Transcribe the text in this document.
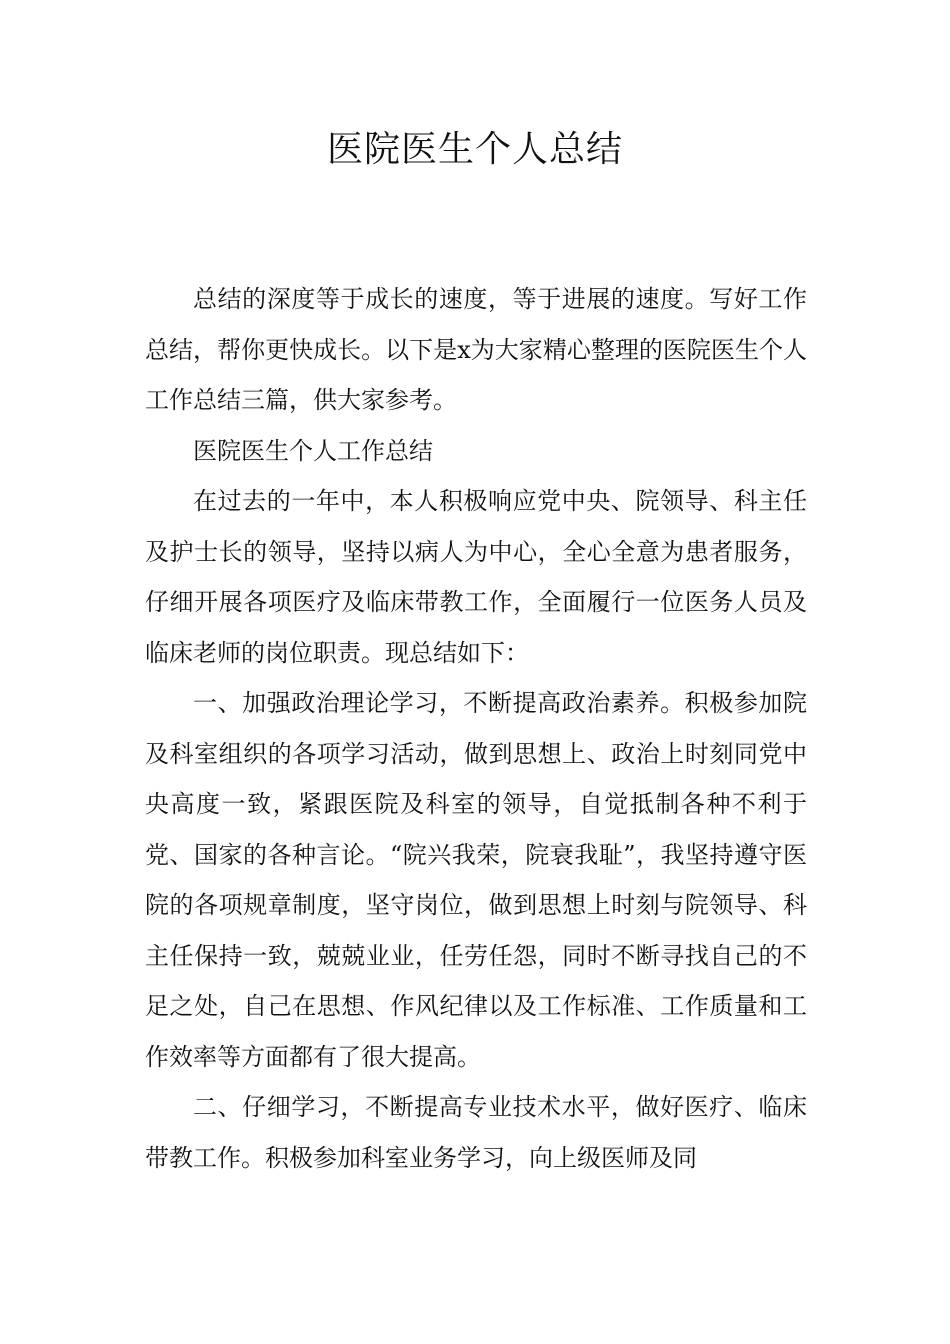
医院医生个人总结

总结的深度等于成长的速度，等于进展的速度。写好工作总结，帮你更快成长。以下是x为大家精心整理的医院医生个人工作总结三篇，供大家参考。

医院医生个人工作总结

在过去的一年中，本人积极响应党中央、院领导、科主任及护士长的领导，坚持以病人为中心，全心全意为患者服务，仔细开展各项医疗及临床带教工作，全面履行一位医务人员及临床老师的岗位职责。现总结如下：

一、加强政治理论学习，不断提高政治素养。积极参加院及科室组织的各项学习活动，做到思想上、政治上时刻同党中央高度一致，紧跟医院及科室的领导，自觉抵制各种不利于党、国家的各种言论。“院兴我荣，院衰我耻”，我坚持遵守医院的各项规章制度，坚守岗位，做到思想上时刻与院领导、科主任保持一致，兢兢业业，任劳任怨，同时不断寻找自己的不足之处，自己在思想、作风纪律以及工作标准、工作质量和工作效率等方面都有了很大提高。

二、仔细学习，不断提高专业技术水平，做好医疗、临床带教工作。积极参加科室业务学习，向上级医师及同
